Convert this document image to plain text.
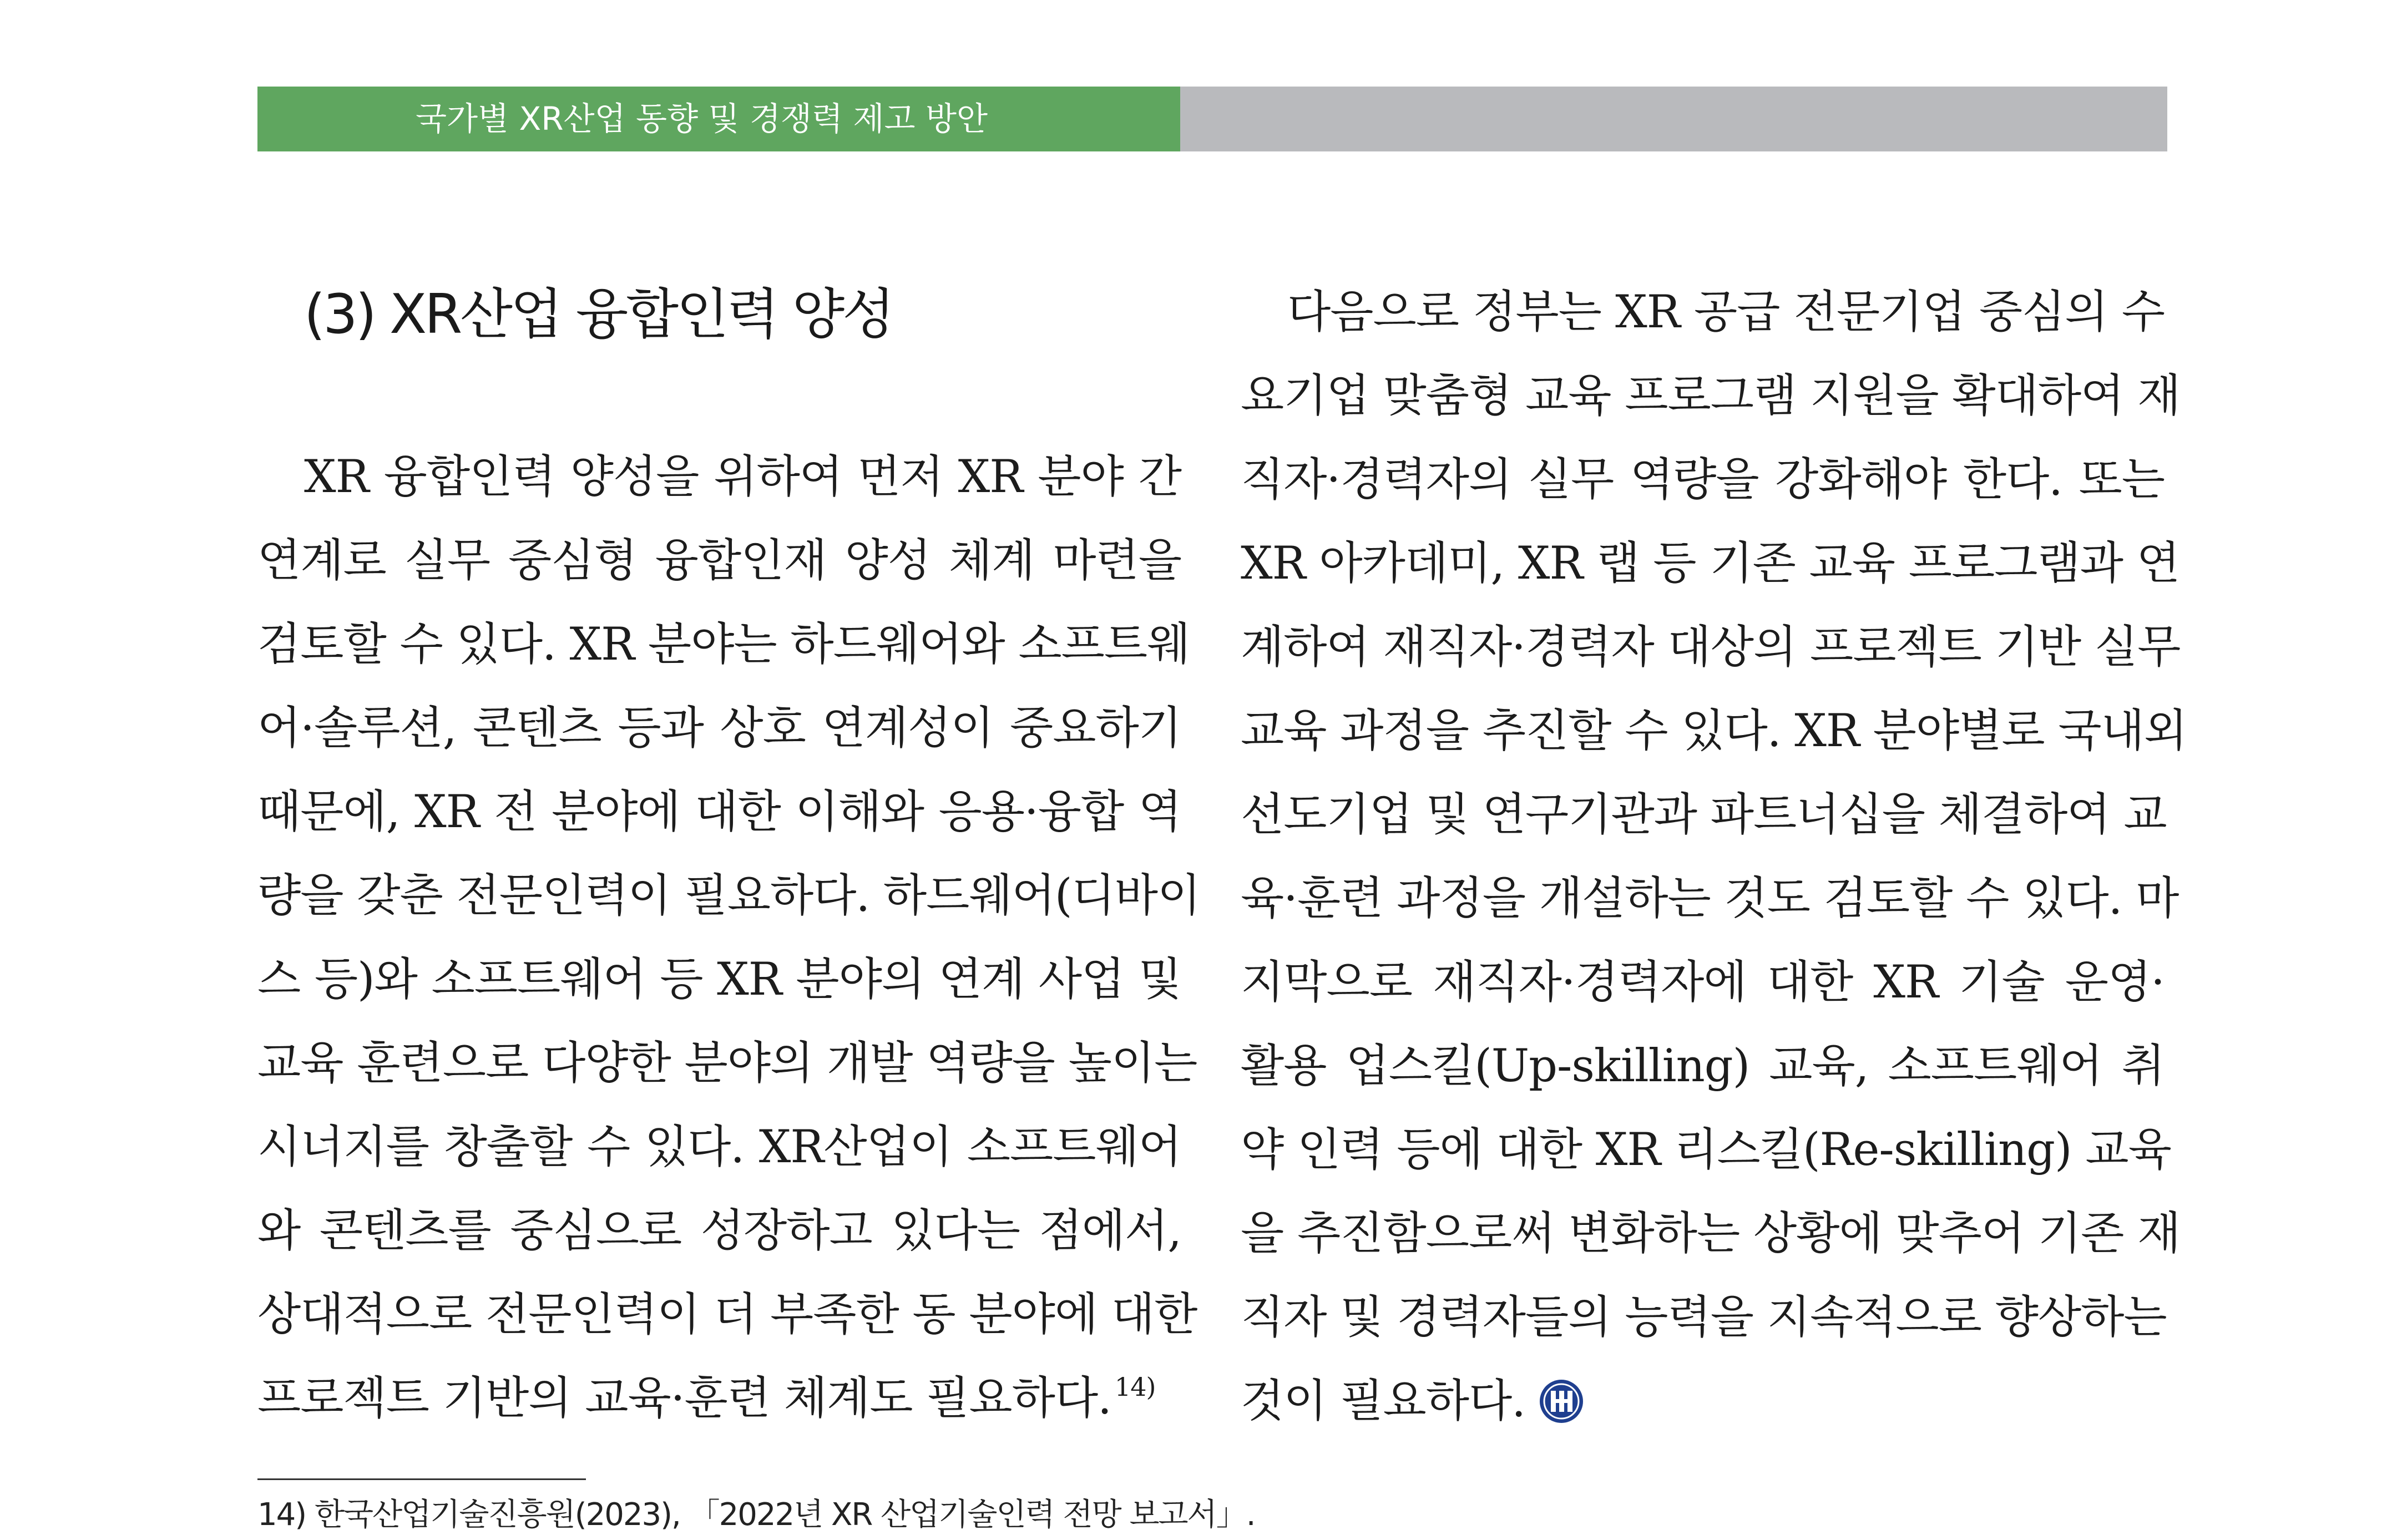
국가별 XR산업 동향 및 경쟁력 제고 방안
(3) XR산업 융합인력 양성
XR 융합인력 양성을 위하여 먼저 XR 분야 간
연계로 실무 중심형 융합인재 양성 체계 마련을
검토할 수 있다. XR 분야는 하드웨어와 소프트웨
어·솔루션, 콘텐츠 등과 상호 연계성이 중요하기
때문에, XR 전 분야에 대한 이해와 응용·융합 역
량을 갖춘 전문인력이 필요하다. 하드웨어(디바이
스 등)와 소프트웨어 등 XR 분야의 연계 사업 및
교육 훈련으로 다양한 분야의 개발 역량을 높이는
시너지를 창출할 수 있다. XR산업이 소프트웨어
와 콘텐츠를 중심으로 성장하고 있다는 점에서,
상대적으로 전문인력이 더 부족한 동 분야에 대한
프로젝트 기반의 교육·훈련 체계도 필요하다. $^{14)}$
다음으로 정부는 XR 공급 전문기업 중심의 수
요기업 맞춤형 교육 프로그램 지원을 확대하여 재
직자·경력자의 실무 역량을 강화해야 한다. 또는
XR 아카데미, XR 랩 등 기존 교육 프로그램과 연
계하여 재직자·경력자 대상의 프로젝트 기반 실무
교육 과정을 추진할 수 있다. XR 분야별로 국내외
선도기업 및 연구기관과 파트너십을 체결하여 교
육·훈련 과정을 개설하는 것도 검토할 수 있다. 마
지막으로 재직자·경력자에 대한 XR 기술 운영·
활용 업스킬(Up-skilling) 교육, 소프트웨어 취
약 인력 등에 대한 XR 리스킬(Re-skilling) 교육
을 추진함으로써 변화하는 상황에 맞추어 기존 재
직자 및 경력자들의 능력을 지속적으로 향상하는
것이 필요하다.
14) 한국산업기술진흥원(2023), 「2022년 XR 산업기술인력 전망 보고서」.
